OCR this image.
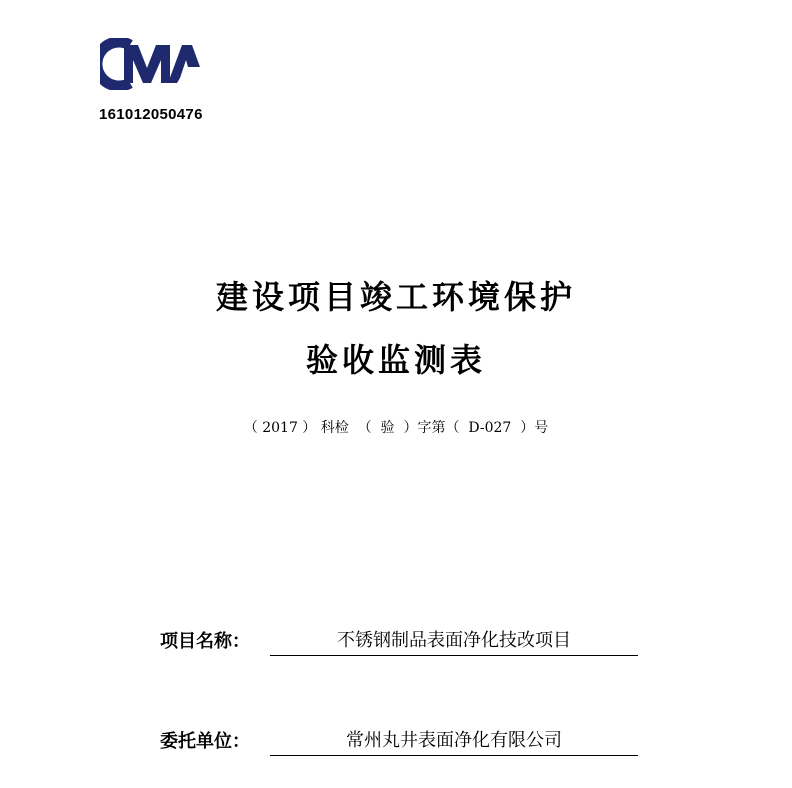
161012050476
建设项目竣工环境保护
验收监测表
（ 2017 ） 科检  （  验  ）字第（  D-027  ）号
项目名称：	不锈钢制品表面净化技改项目
委托单位：	常州丸井表面净化有限公司
